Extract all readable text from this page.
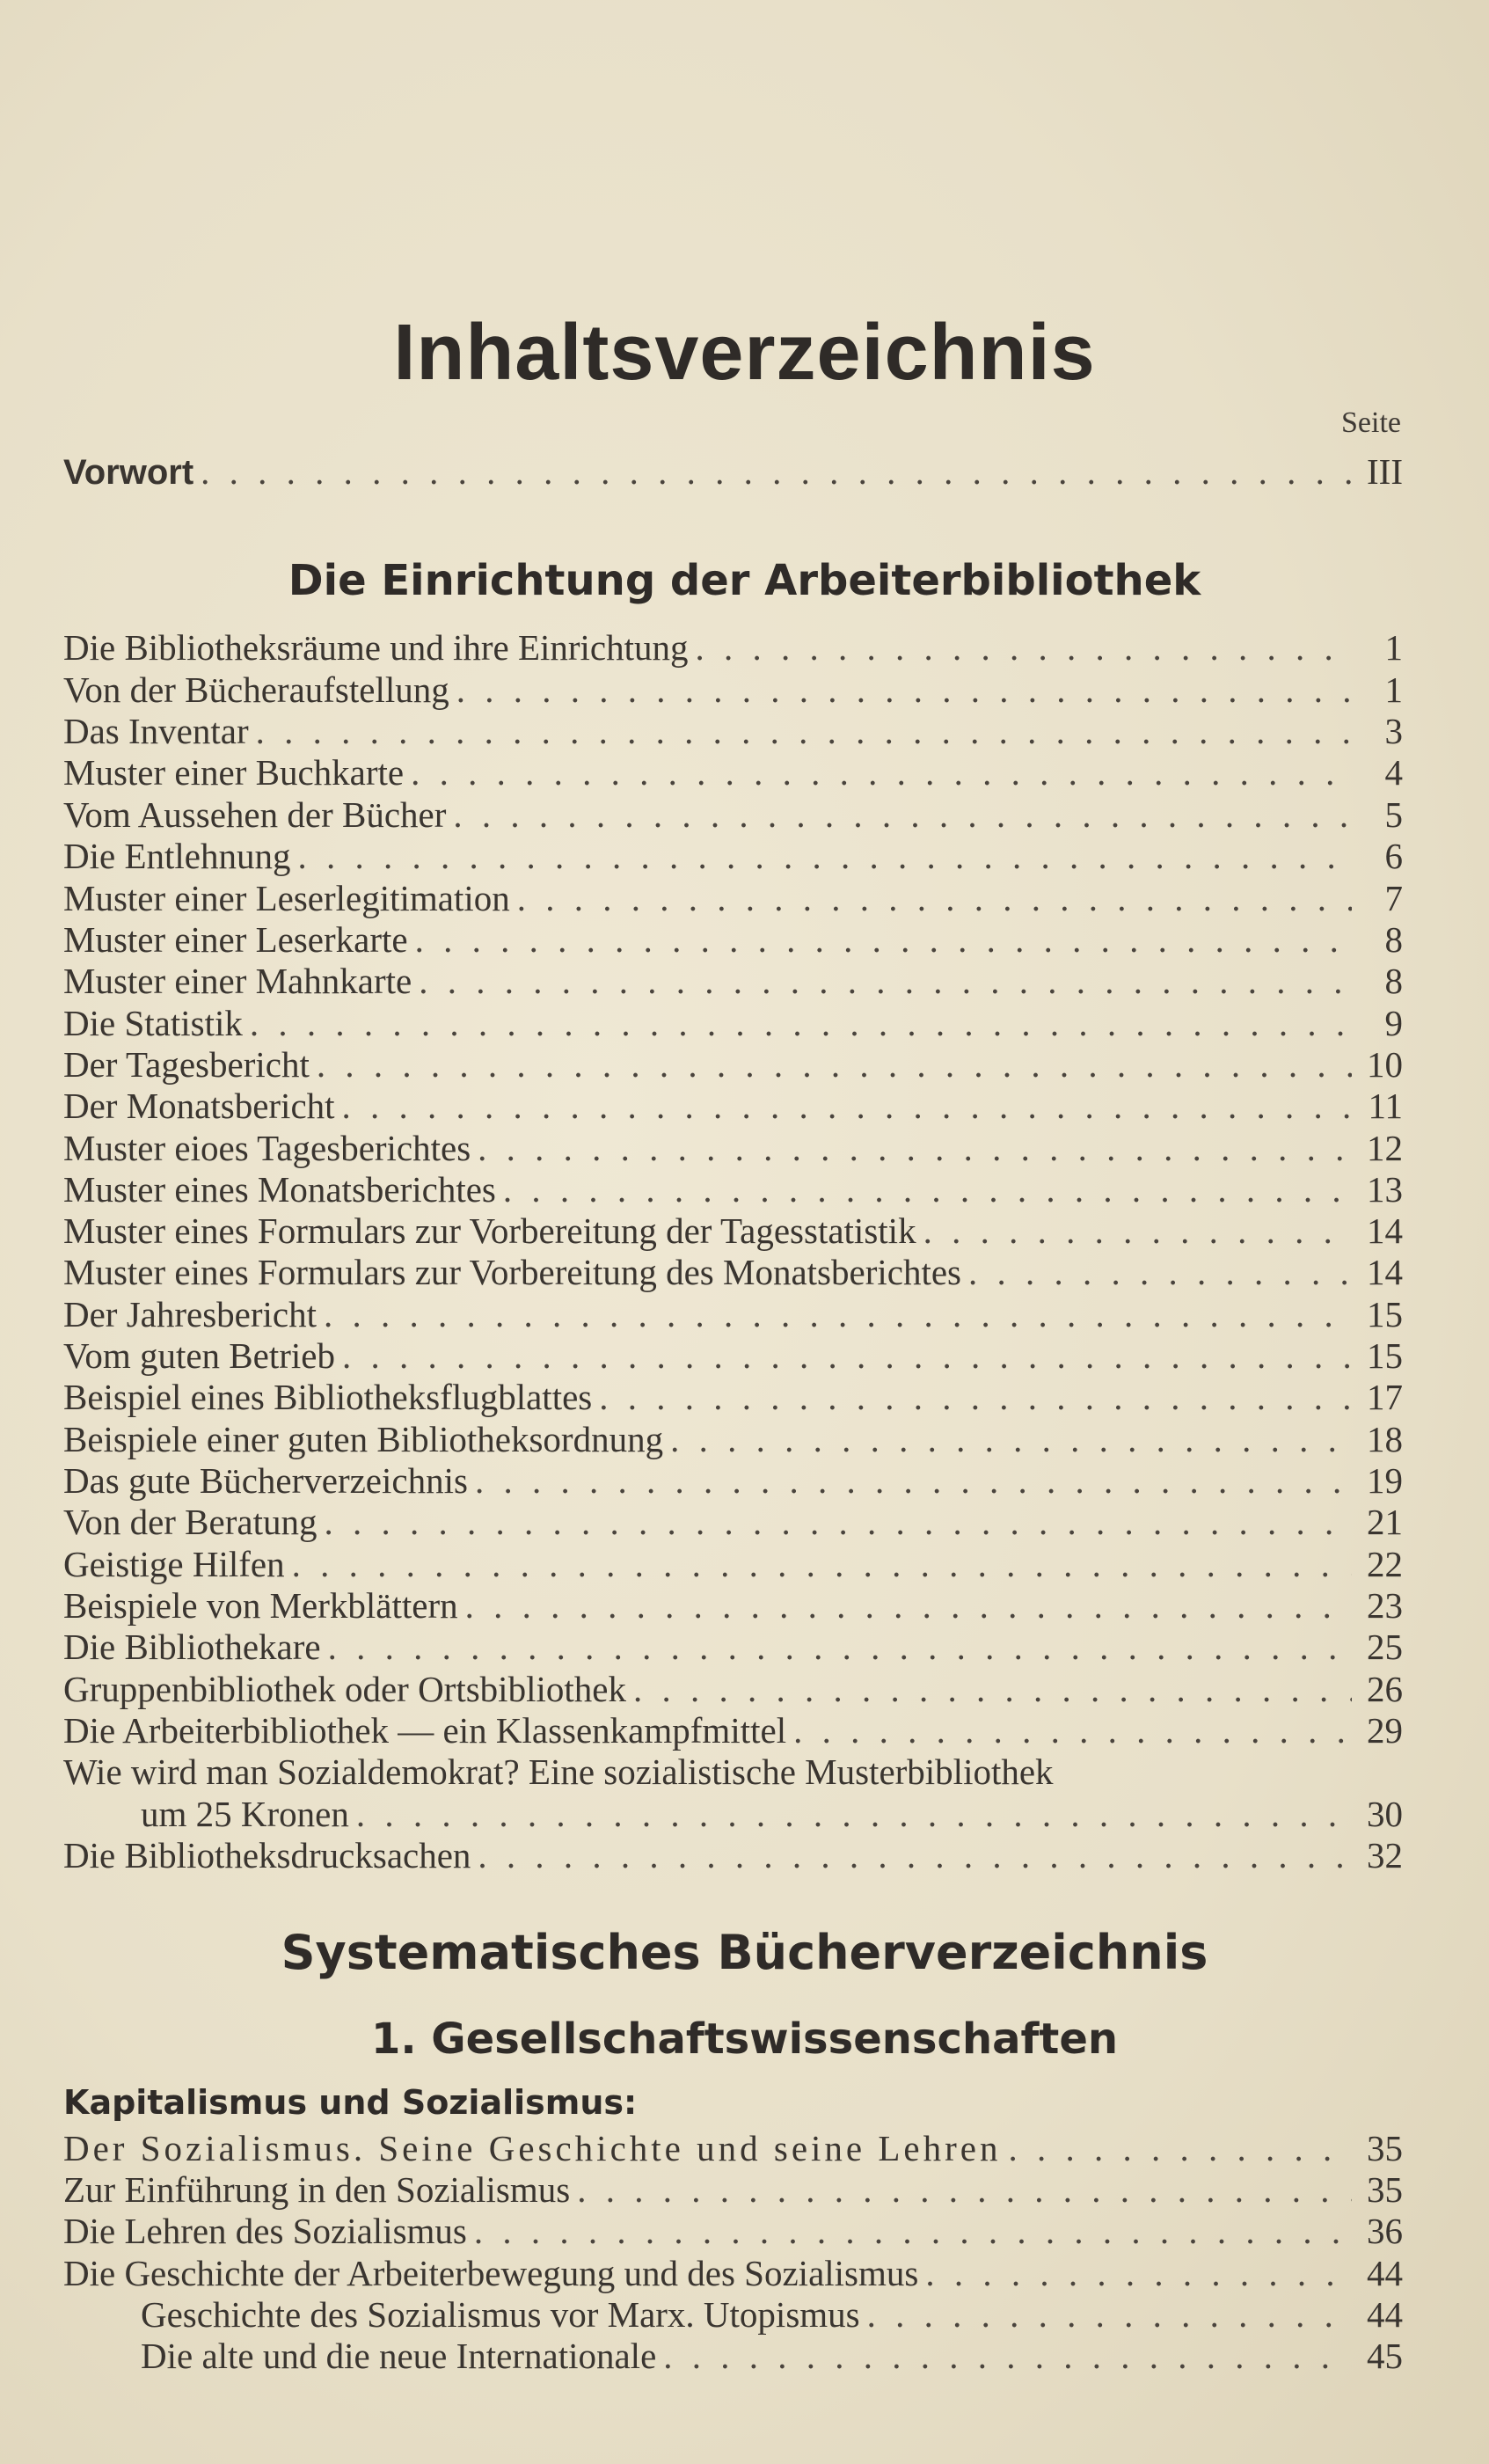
Inhaltsverzeichnis
Seite
Vorwort . . .	III
Die Einrichtung der Arbeiterbibliothek
Die Bibliotheksräume und ihre Einrichtung . . .	1
Von der Bücheraufstellung . . .	1
Das Inventar . . .	3
Muster einer Buchkarte . . .	4
Vom Aussehen der Bücher . . .	5
Die Entlehnung . . .	6
Muster einer Leserlegitimation . . .	7
Muster einer Leserkarte . . .	8
Muster einer Mahnkarte . . .	8
Die Statistik . . .	9
Der Tagesbericht . . .	10
Der Monatsbericht . . .	11
Muster eioes Tagesberichtes . . .	12
Muster eines Monatsberichtes . . .	13
Muster eines Formulars zur Vorbereitung der Tagesstatistik . . .	14
Muster eines Formulars zur Vorbereitung des Monatsberichtes . . .	14
Der Jahresbericht . . .	15
Vom guten Betrieb . . .	15
Beispiel eines Bibliotheksflugblattes . . .	17
Beispiele einer guten Bibliotheksordnung . . .	18
Das gute Bücherverzeichnis . . .	19
Von der Beratung . . .	21
Geistige Hilfen . . .	22
Beispiele von Merkblättern . . .	23
Die Bibliothekare . . .	25
Gruppenbibliothek oder Ortsbibliothek . . .	26
Die Arbeiterbibliothek — ein Klassenkampfmittel . . .	29
Wie wird man Sozialdemokrat? Eine sozialistische Musterbibliothek
um 25 Kronen . . .	30
Die Bibliotheksdrucksachen . . .	32
Systematisches Bücherverzeichnis
1. Gesellschaftswissenschaften
Kapitalismus und Sozialismus:
Der Sozialismus. Seine Geschichte und seine Lehren . . .	35
Zur Einführung in den Sozialismus . . .	35
Die Lehren des Sozialismus . . .	36
Die Geschichte der Arbeiterbewegung und des Sozialismus . . .	44
Geschichte des Sozialismus vor Marx. Utopismus . . .	44
Die alte und die neue Internationale . . .	45
